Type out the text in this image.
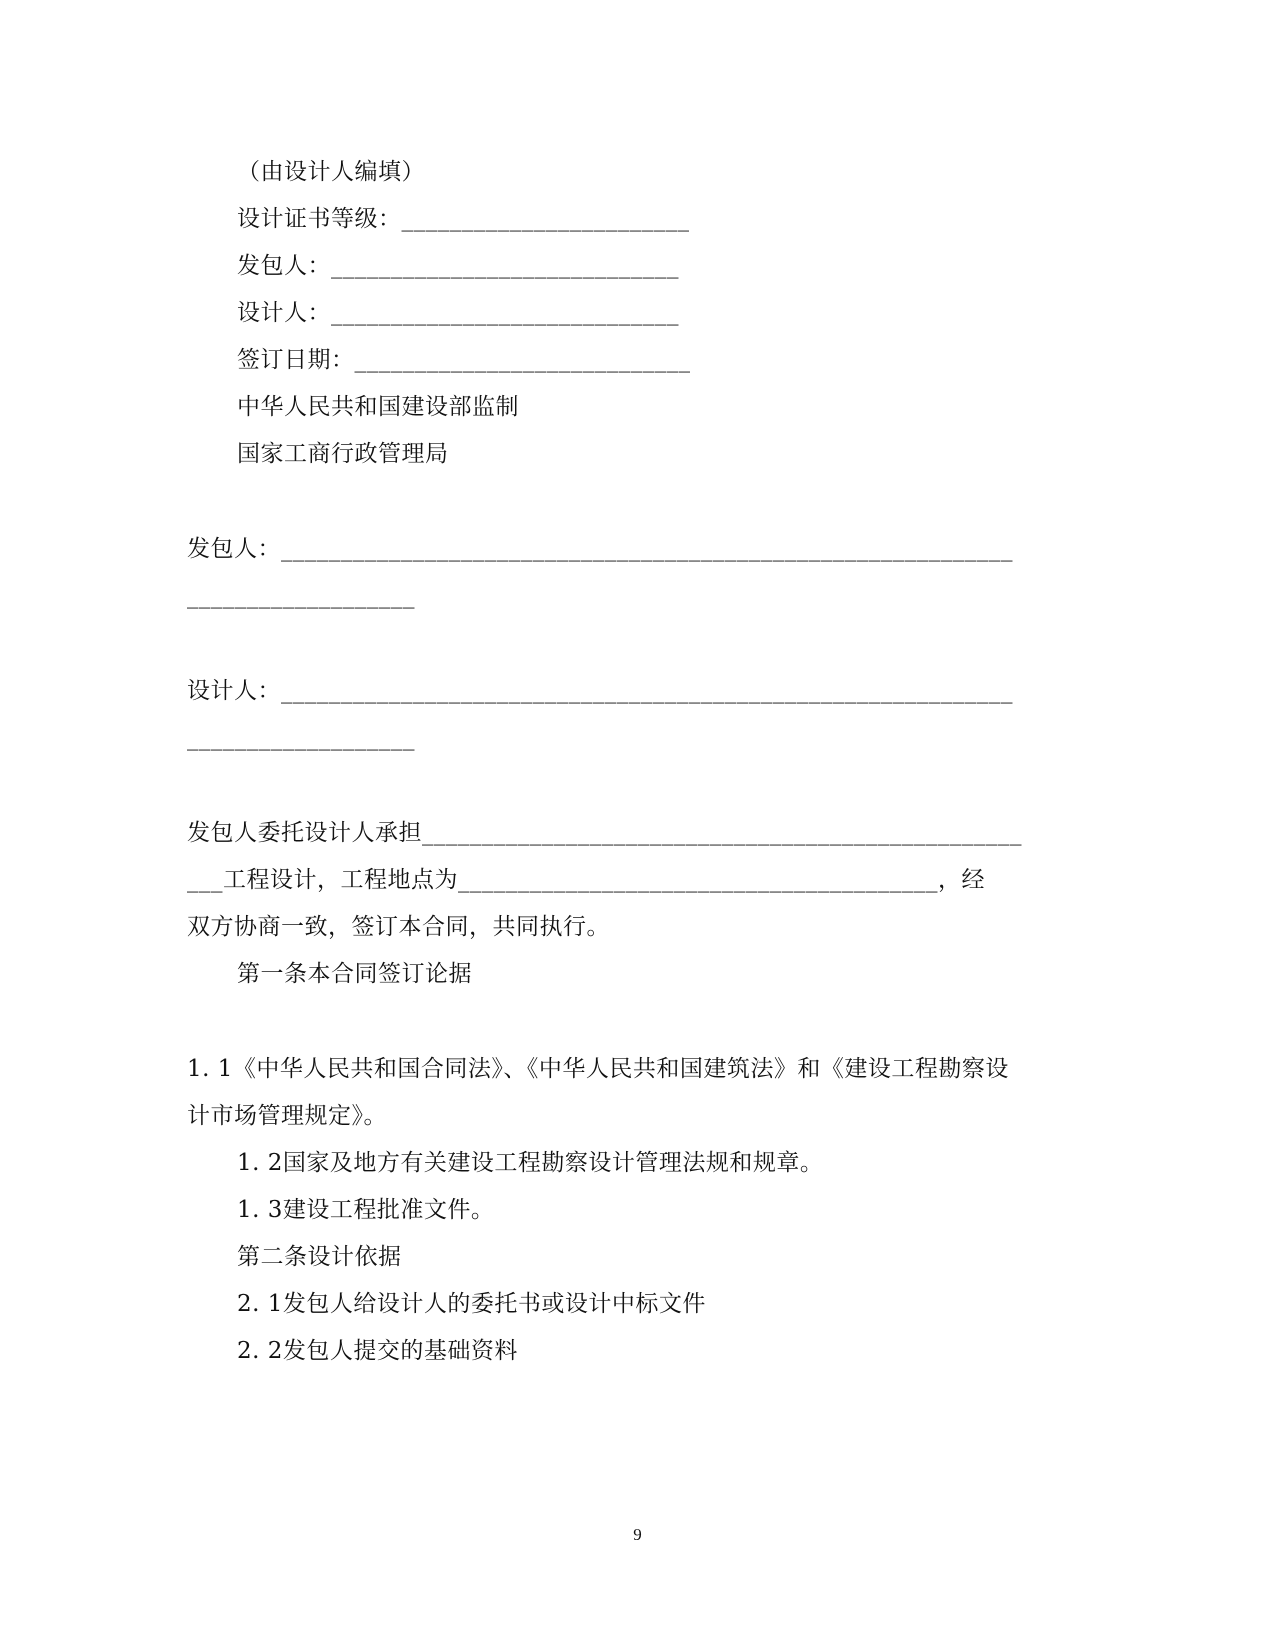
（由设计人编填）
设计证书等级：________________________
发包人：_____________________________
设计人：_____________________________
签订日期：____________________________
中华人民共和国建设部监制
国家工商行政管理局
发包人：_____________________________________________________________
___________________
设计人：_____________________________________________________________
___________________
发包人委托设计人承担__________________________________________________
___工程设计，工程地点为________________________________________，经
双方协商一致，签订本合同，共同执行。
第一条本合同签订论据
1. 1《中华人民共和国合同法》、《中华人民共和国建筑法》和《建设工程勘察设
计市场管理规定》。
1. 2国家及地方有关建设工程勘察设计管理法规和规章。
1. 3建设工程批准文件。
第二条设计依据
2. 1发包人给设计人的委托书或设计中标文件
2. 2发包人提交的基础资料
9
